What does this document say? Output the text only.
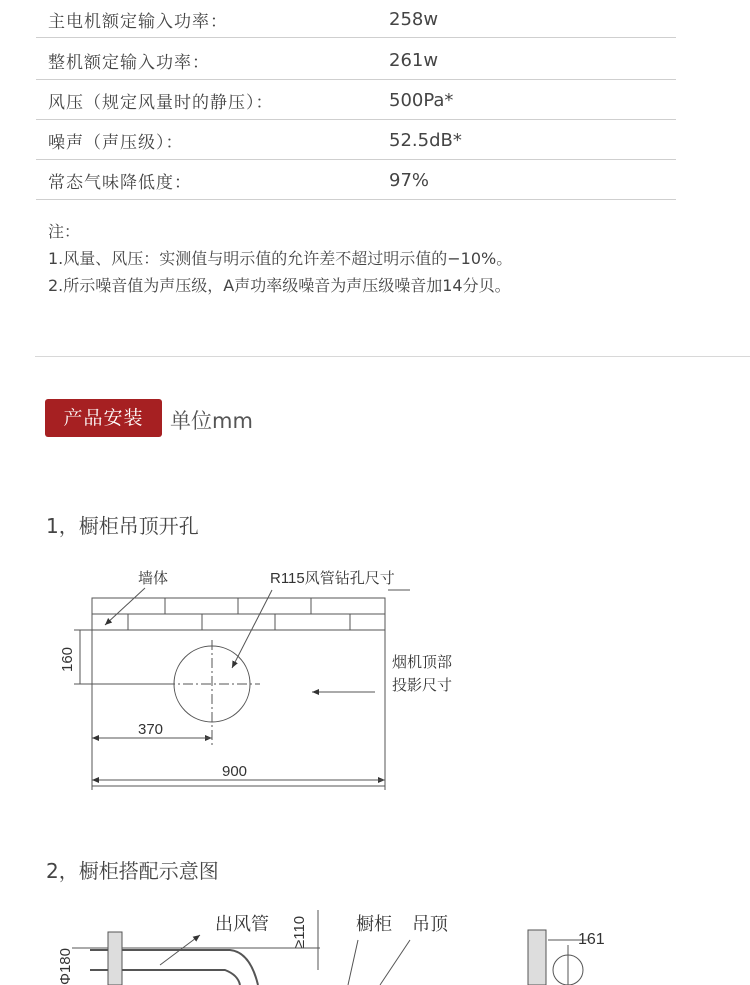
主电机额定输入功率：	258w
整机额定输入功率：	261w
风压（规定风量时的静压）：	500Pa*
噪声（声压级）：	52.5dB*
常态气味降低度：	97%
注：
1.风量、风压：实测值与明示值的允许差不超过明示值的−10%。
2.所示噪音值为声压级，A声功率级噪音为声压级噪音加14分贝。
产品安装	单位mm
1，橱柜吊顶开孔
墙体	R115风管钻孔尺寸
烟机顶部
投影尺寸
370
900
160
出风管	橱柜 吊顶
161
≥110
Φ180
2，橱柜搭配示意图
